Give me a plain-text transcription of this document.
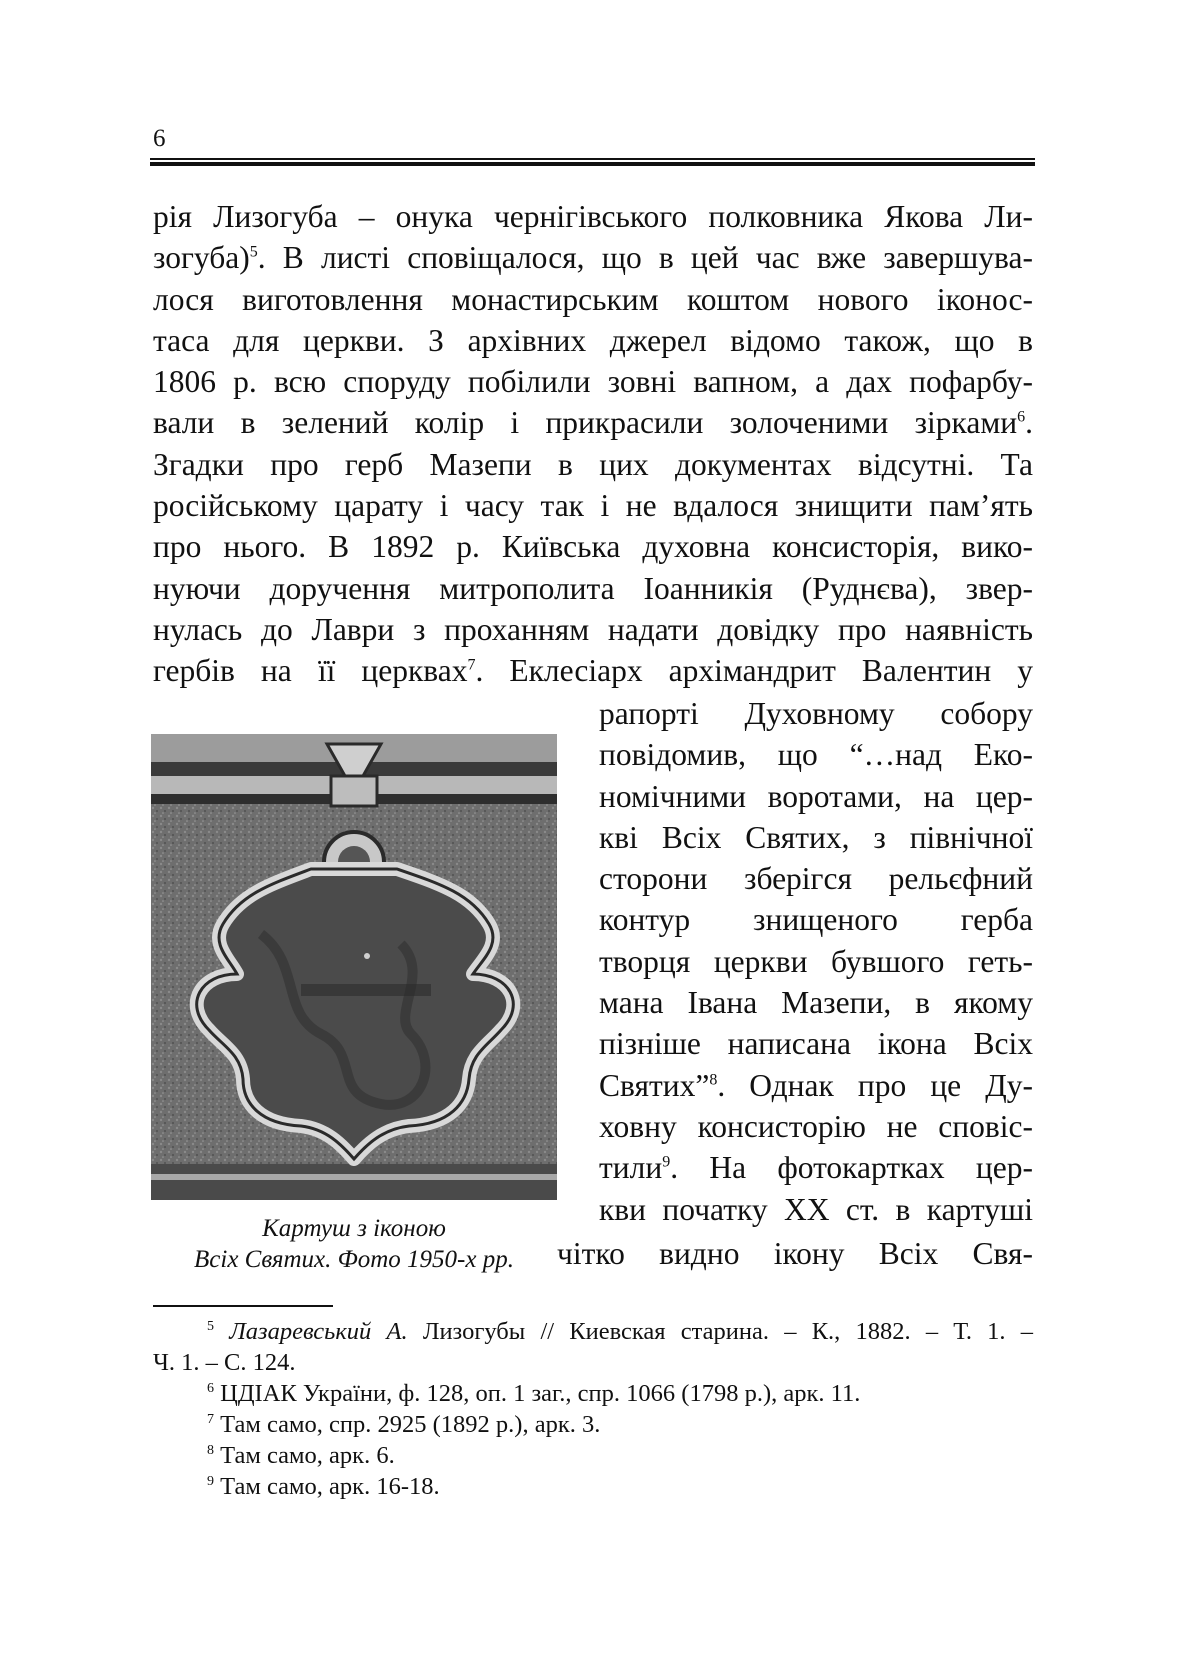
6
рія Лизогуба – онука чернігівського полковника Якова Ли-
зогуба)$^5$. В листі сповіщалося, що в цей час вже завершува-
лося виготовлення монастирським коштом нового іконос-
таса для церкви. З архівних джерел відомо також, що в
1806 р. всю споруду побілили зовні вапном, а дах пофарбу-
вали в зелений колір і прикрасили золоченими зірками$^6$.
Згадки про герб Мазепи в цих документах відсутні. Та
російському царату і часу так і не вдалося знищити пам’ять
про нього. В 1892 р. Київська духовна консисторія, вико-
нуючи доручення митрополита Іоанникія (Руднєва), звер-
нулась до Лаври з проханням надати довідку про наявність
гербів на її церквах$^7$. Еклесіарх архімандрит Валентин у
Картуш з іконою
Всіх Святих. Фото 1950-х рр.
рапорті Духовному собору
повідомив, що “…над Еко-
номічними воротами, на цер-
кві Всіх Святих, з північної
сторони зберігся рельєфний
контур знищеного герба
творця церкви бувшого геть-
мана Івана Мазепи, в якому
пізніше написана ікона Всіх
Святих”$^8$. Однак про це Ду-
ховну консисторію не сповіс-
тили$^9$. На фотокартках цер-
кви початку XX ст. в картуші
чітко видно ікону Всіх Свя-
$^5$ Лазаревський А. Лизогубы // Киевская старина. – К., 1882. – Т. 1. –
Ч. 1. – С. 124.
$^6$ ЦДІАК України, ф. 128, оп. 1 заг., спр. 1066 (1798 р.), арк. 11.
$^7$ Там само, спр. 2925 (1892 р.), арк. 3.
$^8$ Там само, арк. 6.
$^9$ Там само, арк. 16-18.
